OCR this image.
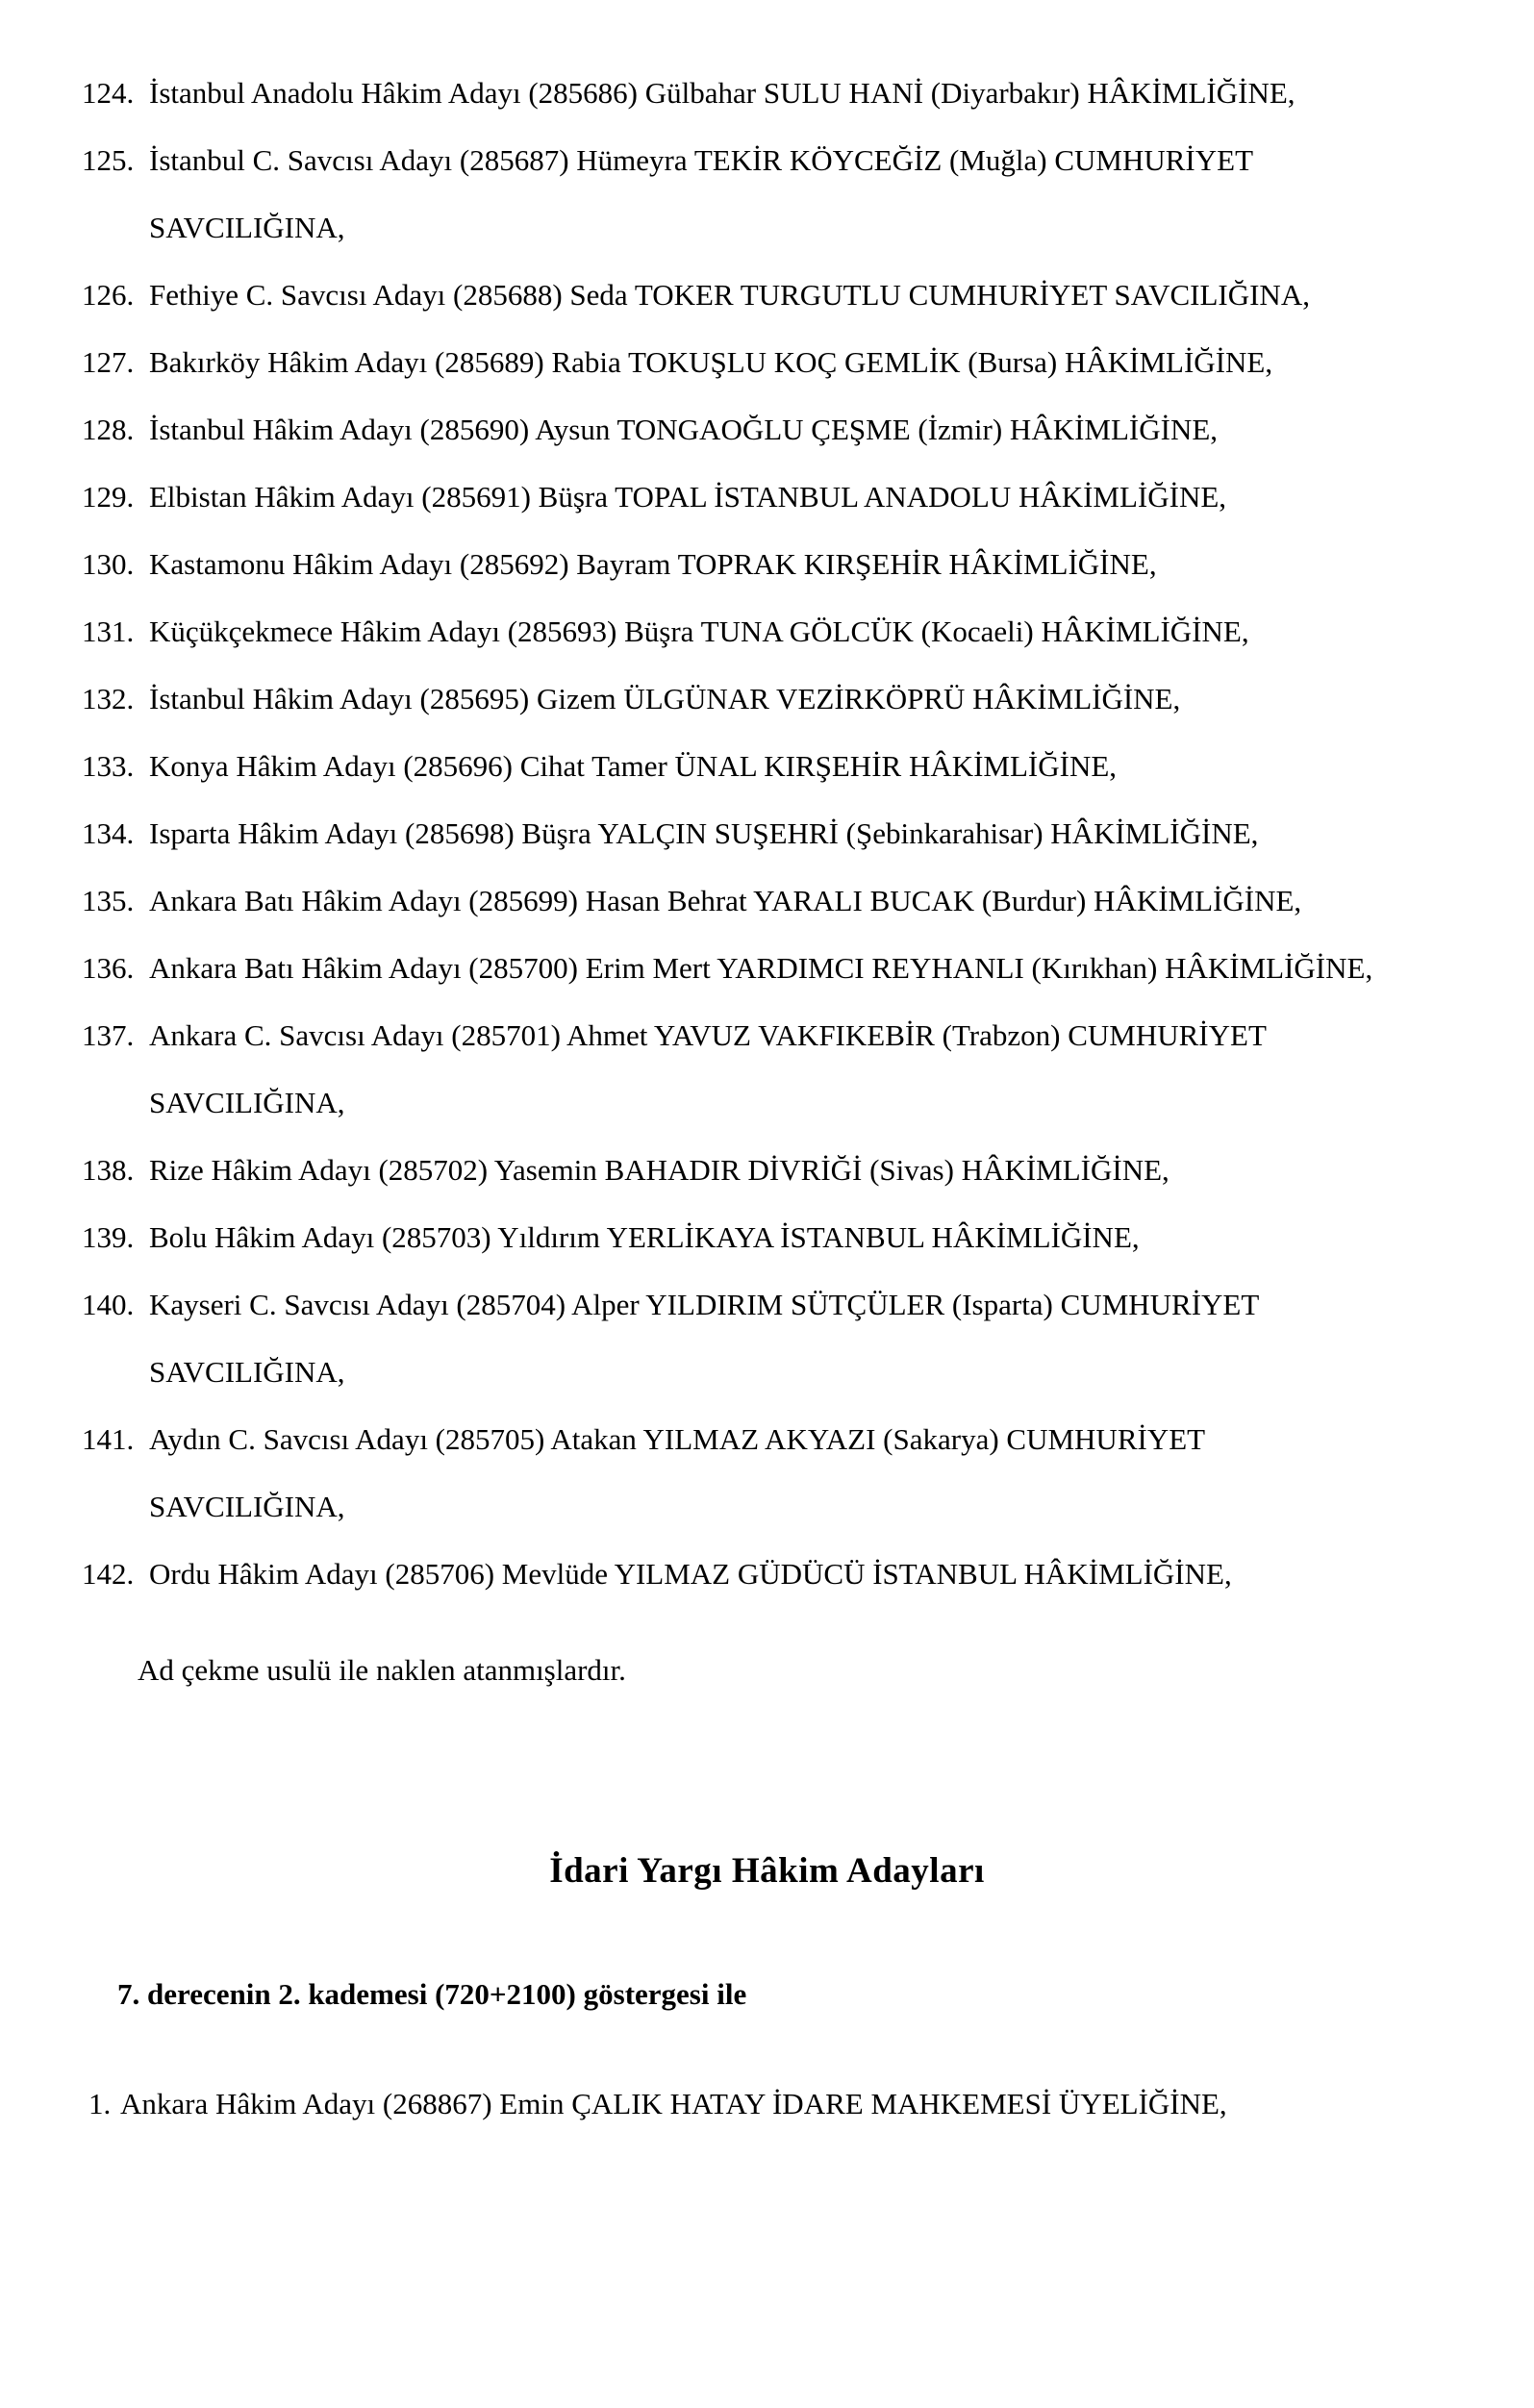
124. İstanbul Anadolu Hâkim Adayı (285686) Gülbahar SULU HANİ (Diyarbakır) HÂKİMLİĞİNE,
125. İstanbul C. Savcısı Adayı (285687) Hümeyra TEKİR KÖYCEĞİZ (Muğla) CUMHURİYET
SAVCILIĞINA,
126. Fethiye C. Savcısı Adayı (285688) Seda TOKER TURGUTLU CUMHURİYET SAVCILIĞINA,
127. Bakırköy Hâkim Adayı (285689) Rabia TOKUŞLU KOÇ GEMLİK (Bursa) HÂKİMLİĞİNE,
128. İstanbul Hâkim Adayı (285690) Aysun TONGAOĞLU ÇEŞME (İzmir) HÂKİMLİĞİNE,
129. Elbistan Hâkim Adayı (285691) Büşra TOPAL İSTANBUL ANADOLU HÂKİMLİĞİNE,
130. Kastamonu Hâkim Adayı (285692) Bayram TOPRAK KIRŞEHİR HÂKİMLİĞİNE,
131. Küçükçekmece Hâkim Adayı (285693) Büşra TUNA GÖLCÜK (Kocaeli) HÂKİMLİĞİNE,
132. İstanbul Hâkim Adayı (285695) Gizem ÜLGÜNAR VEZİRKÖPRÜ HÂKİMLİĞİNE,
133. Konya Hâkim Adayı (285696) Cihat Tamer ÜNAL KIRŞEHİR HÂKİMLİĞİNE,
134. Isparta Hâkim Adayı (285698) Büşra YALÇIN SUŞEHRİ (Şebinkarahisar) HÂKİMLİĞİNE,
135. Ankara Batı Hâkim Adayı (285699) Hasan Behrat YARALI BUCAK (Burdur) HÂKİMLİĞİNE,
136. Ankara Batı Hâkim Adayı (285700) Erim Mert YARDIMCI REYHANLI (Kırıkhan) HÂKİMLİĞİNE,
137. Ankara C. Savcısı Adayı (285701) Ahmet YAVUZ VAKFIKEBİR (Trabzon) CUMHURİYET
SAVCILIĞINA,
138. Rize Hâkim Adayı (285702) Yasemin BAHADIR DİVRİĞİ (Sivas) HÂKİMLİĞİNE,
139. Bolu Hâkim Adayı (285703) Yıldırım YERLİKAYA İSTANBUL HÂKİMLİĞİNE,
140. Kayseri C. Savcısı Adayı (285704) Alper YILDIRIM SÜTÇÜLER (Isparta) CUMHURİYET
SAVCILIĞINA,
141. Aydın C. Savcısı Adayı (285705) Atakan YILMAZ AKYAZI (Sakarya) CUMHURİYET
SAVCILIĞINA,
142. Ordu Hâkim Adayı (285706) Mevlüde YILMAZ GÜDÜCÜ İSTANBUL HÂKİMLİĞİNE,

Ad çekme usulü ile naklen atanmışlardır.

İdari Yargı Hâkim Adayları

7. derecenin 2. kademesi (720+2100) göstergesi ile

1. Ankara Hâkim Adayı (268867) Emin ÇALIK HATAY İDARE MAHKEMESİ ÜYELİĞİNE,
